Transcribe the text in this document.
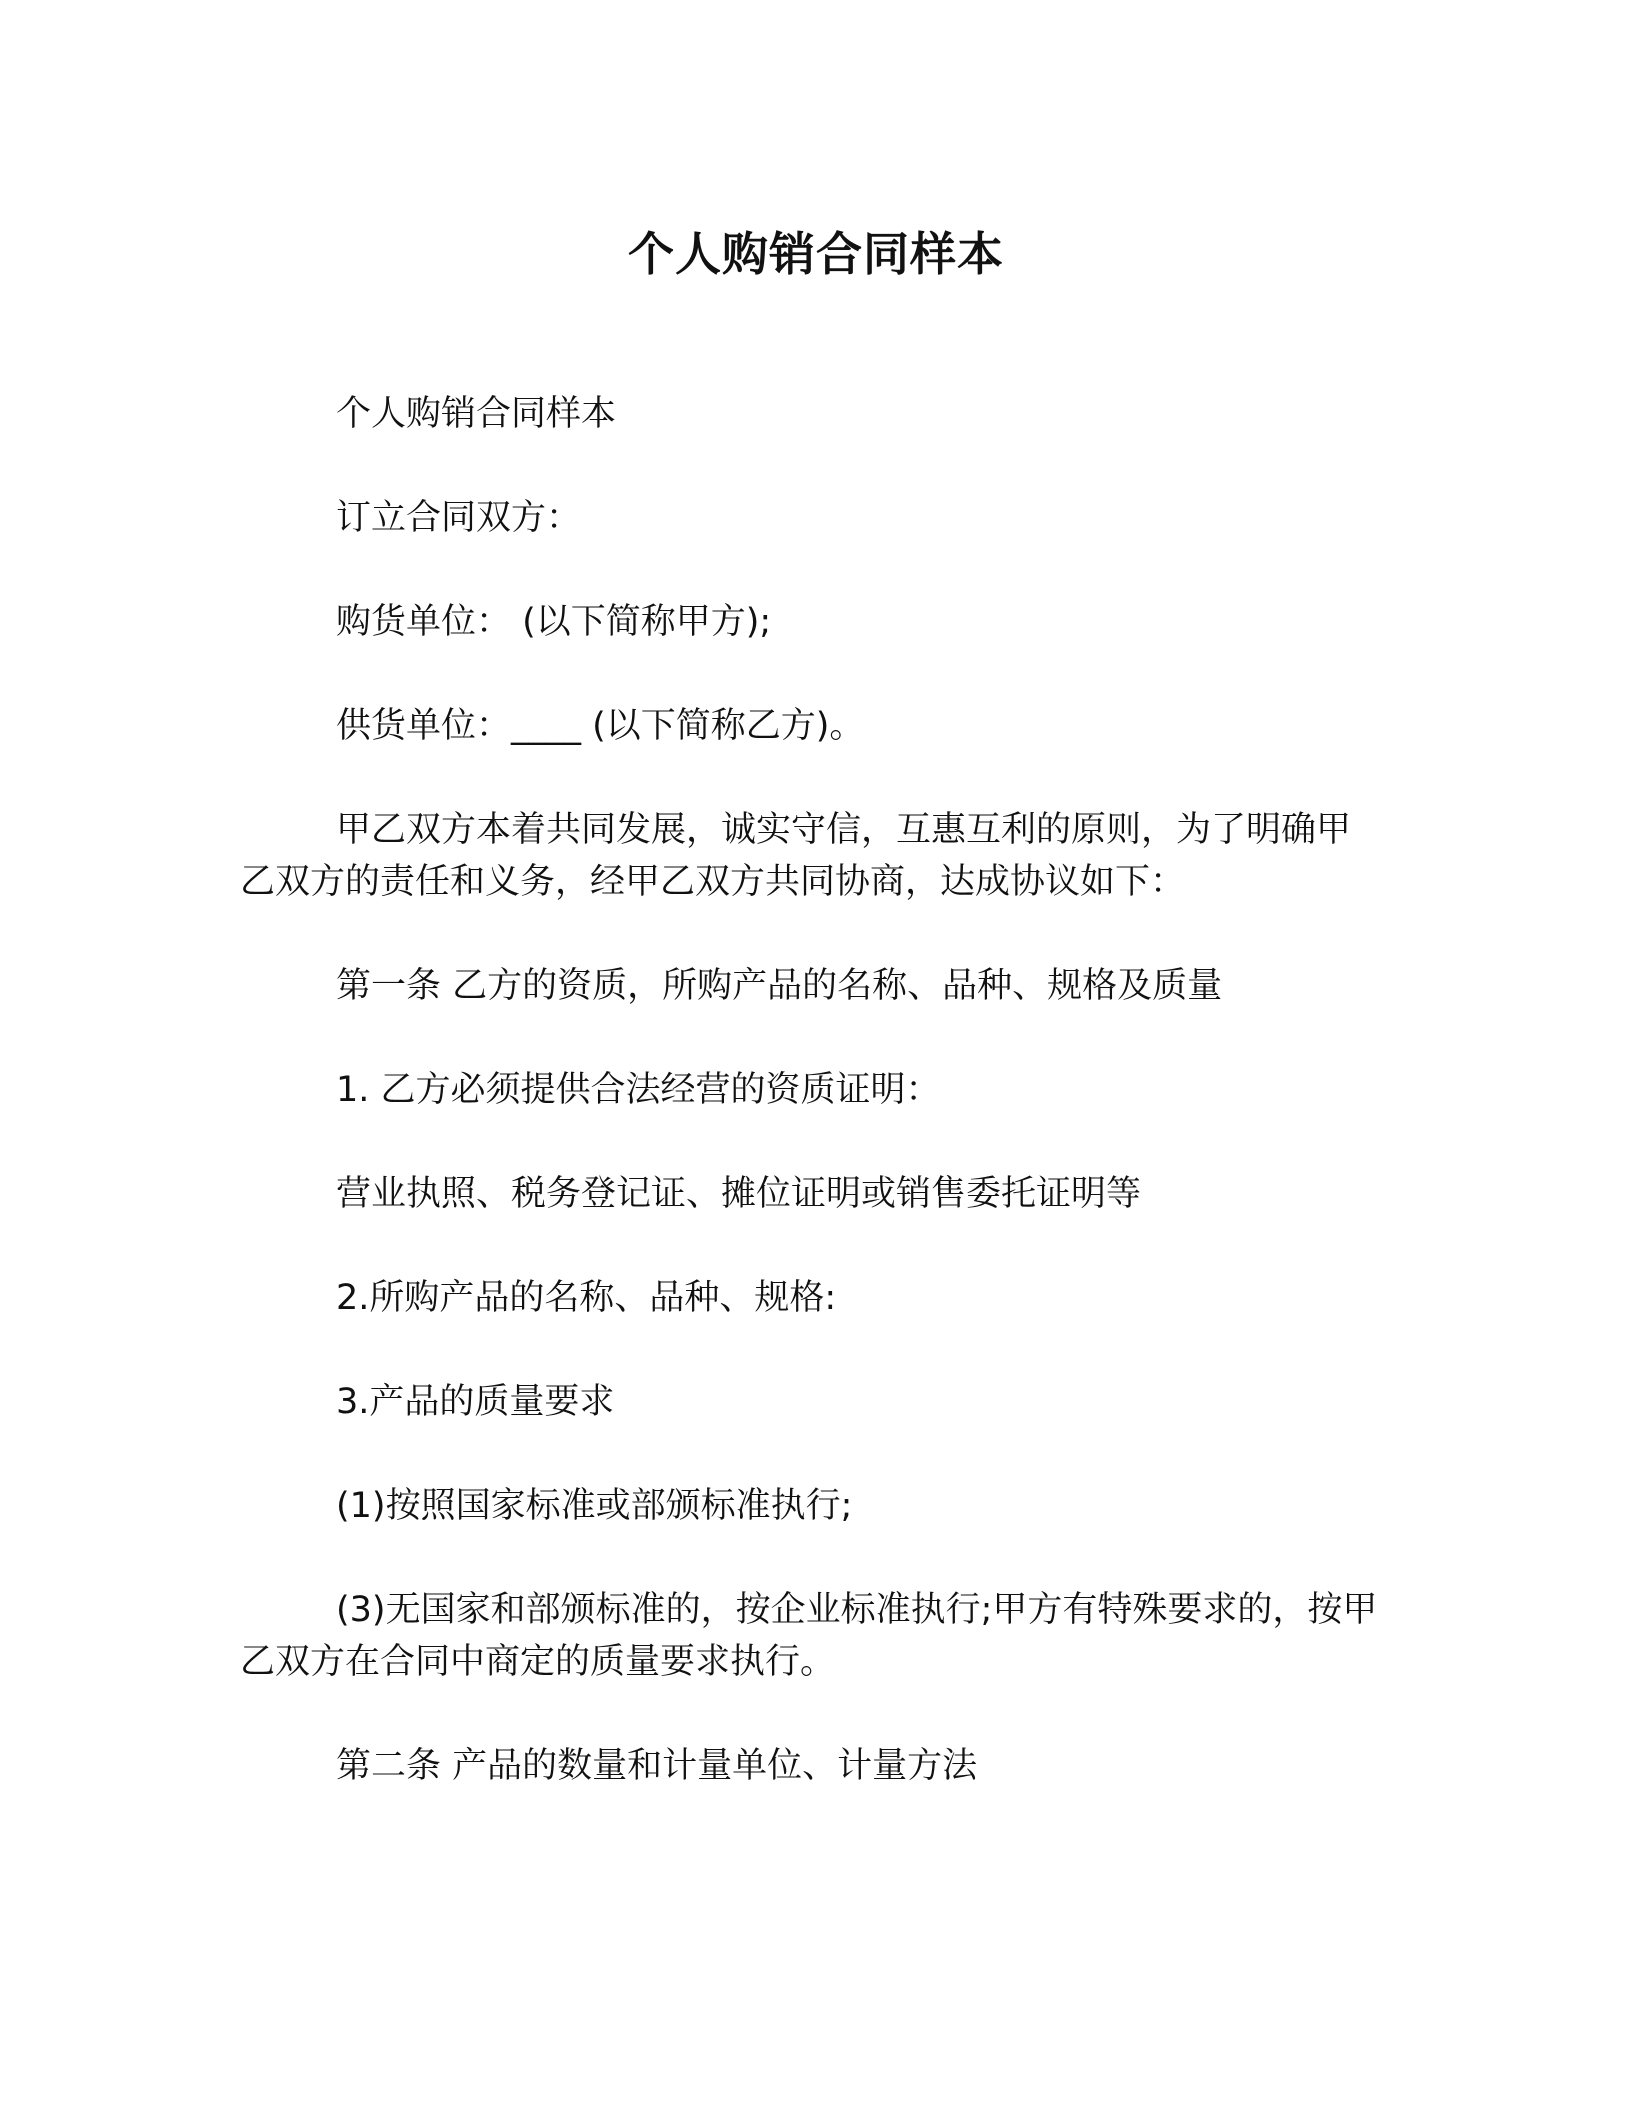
个人购销合同样本

个人购销合同样本

订立合同双方：

购货单位： (以下简称甲方);

供货单位：____ (以下简称乙方)。

甲乙双方本着共同发展，诚实守信，互惠互利的原则，为了明确甲乙双方的责任和义务，经甲乙双方共同协商，达成协议如下：

第一条 乙方的资质，所购产品的名称、品种、规格及质量

1. 乙方必须提供合法经营的资质证明：

营业执照、税务登记证、摊位证明或销售委托证明等

2.所购产品的名称、品种、规格:

3.产品的质量要求

(1)按照国家标准或部颁标准执行;

(3)无国家和部颁标准的，按企业标准执行;甲方有特殊要求的，按甲乙双方在合同中商定的质量要求执行。

第二条 产品的数量和计量单位、计量方法
